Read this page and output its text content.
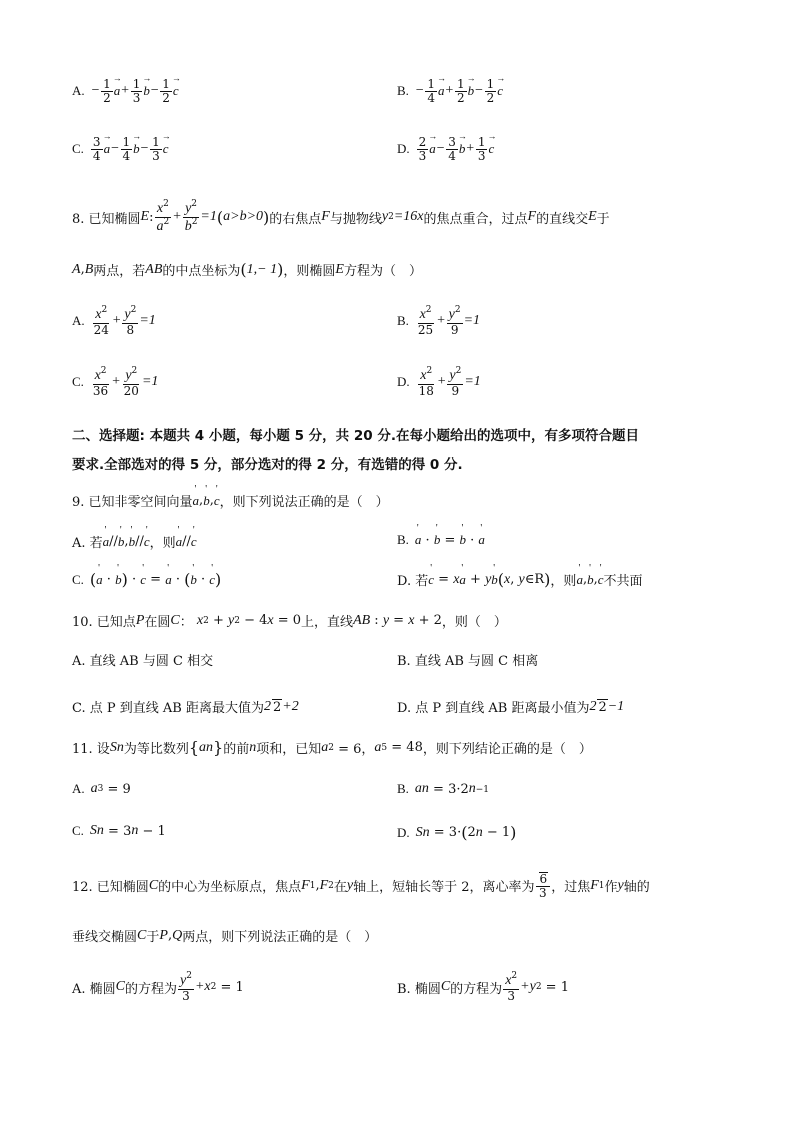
A. − $\frac{1}{2}$
→ $a + \frac{1}{3}$
→ $b - \frac{1}{2}$
→ c	B. − $\frac{1}{4}$
→ $a + \frac{1}{2}$
→ $b - \frac{1}{2}$
→ c
C. $\frac{3}{4}$
→ $a - \frac{1}{4}$
→ $b - \frac{1}{3}$
→ c	D. $\frac{2}{3}$
→ $a - \frac{3}{4}$
→ $b + \frac{1}{3}$
→ c
8. 已知椭圆 E : $\frac{x^2}{a^2} + \frac{y^2}{b^2} =1$ ( a > b >0 ) 的右焦点 F 与抛物线 y 2 =16 x 的焦点重合，过点 F 的直线交 E 于
A , B 两点，若 AB 的中点坐标为 ( 1,− 1 ) ，则椭圆 E 方程为（　）
A. $\frac{x^2}{24} + \frac{y^2}{8} =1$	B. $\frac{x^2}{25} + \frac{y^2}{9} =1$
C. $\frac{x^2}{36} + \frac{y^2}{20} =1$	D. $\frac{x^2}{18} + \frac{y^2}{9} =1$
二、选择题: 本题共 4 小题，每小题 5 分，共 20 分.在每小题给出的选项中，有多项符合题目
要求.全部选对的得 5 分，部分选对的得 2 分，有选错的得 0 分.
9. 已知非零空间向量
' a ,
' b ,
' c ，则下列说法正确的是（　）
A. 若
' a //
' b ,
' b //
' c ，则
' a //
' c	B.
' a ·
' b =
' b ·
' a
C. (
' a ·
' b ) ·
' c =
' a · (
' b ·
' c )	D. 若
' c = x
' a + y
' b ( x , y ∈R ) ，则
' a ,
' b ,
' c 不共面
10. 已知点 P 在圆 C ： x 2 + y 2 − 4 x = 0 上，直线 AB : y = x + 2 ，则（　）
A. 直线 AB 与圆 C 相交	B. 直线 AB 与圆 C 相离
C. 点 P 到直线 AB 距离最大值为 2 2 +2	D. 点 P 到直线 AB 距离最小值为 2 2 −1
11. 设 S n 为等比数列 { a n } 的前 n 项和，已知 a 2 = 6， a 5 = 48 ，则下列结论正确的是（　）
A. a 3 = 9	B. a n = 3·2 n−1
C. S n = 3 n − 1	D. S n = 3· ( 2 n − 1 )
12. 已知椭圆 C 的中心为坐标原点，焦点 F 1 , F 2 在 y 轴上，短轴长等于 2，离心率为 $\frac{6}{3}$ ，过焦 F 1 作 y 轴的
垂线交椭圆 C 于 P , Q 两点，则下列说法正确的是（　）
A. 椭圆 C 的方程为 $\frac{y^2}{3} + x$ 2 = 1	B. 椭圆 C 的方程为 $\frac{x^2}{3} + y$ 2 = 1
